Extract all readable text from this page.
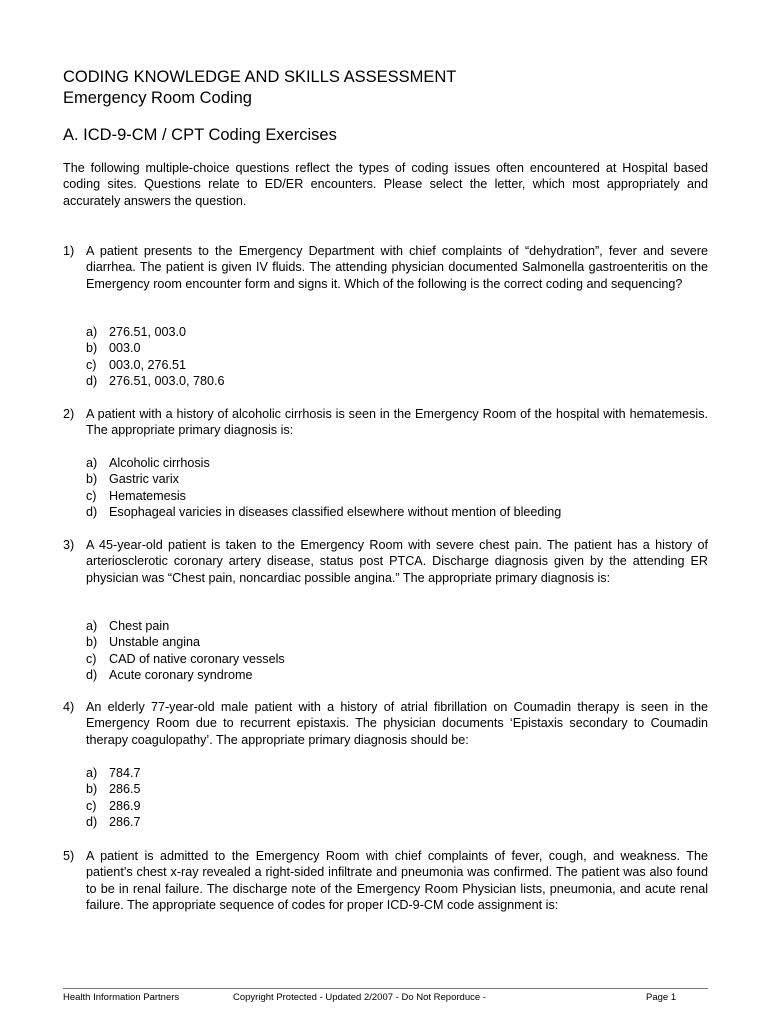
CODING KNOWLEDGE AND SKILLS ASSESSMENT
Emergency Room Coding
A. ICD-9-CM / CPT Coding Exercises
The following multiple-choice questions reflect the types of coding issues often encountered at Hospital based coding sites. Questions relate to ED/ER encounters. Please select the letter, which most appropriately and accurately answers the question.
1) A patient presents to the Emergency Department with chief complaints of “dehydration”, fever and severe diarrhea. The patient is given IV fluids. The attending physician documented Salmonella gastroenteritis on the Emergency room encounter form and signs it. Which of the following is the correct coding and sequencing?
a) 276.51, 003.0
b) 003.0
c) 003.0, 276.51
d) 276.51, 003.0, 780.6
2) A patient with a history of alcoholic cirrhosis is seen in the Emergency Room of the hospital with hematemesis. The appropriate primary diagnosis is:
a) Alcoholic cirrhosis
b) Gastric varix
c) Hematemesis
d) Esophageal varicies in diseases classified elsewhere without mention of bleeding
3) A 45-year-old patient is taken to the Emergency Room with severe chest pain. The patient has a history of arteriosclerotic coronary artery disease, status post PTCA. Discharge diagnosis given by the attending ER physician was “Chest pain, noncardiac possible angina.” The appropriate primary diagnosis is:
a) Chest pain
b) Unstable angina
c) CAD of native coronary vessels
d) Acute coronary syndrome
4) An elderly 77-year-old male patient with a history of atrial fibrillation on Coumadin therapy is seen in the Emergency Room due to recurrent epistaxis. The physician documents ‘Epistaxis secondary to Coumadin therapy coagulopathy’. The appropriate primary diagnosis should be:
a) 784.7
b) 286.5
c) 286.9
d) 286.7
5) A patient is admitted to the Emergency Room with chief complaints of fever, cough, and weakness. The patient’s chest x-ray revealed a right-sided infiltrate and pneumonia was confirmed. The patient was also found to be in renal failure. The discharge note of the Emergency Room Physician lists, pneumonia, and acute renal failure. The appropriate sequence of codes for proper ICD-9-CM code assignment is:
Health Information Partners	Copyright Protected - Updated 2/2007 - Do Not Reporduce -	Page 1
